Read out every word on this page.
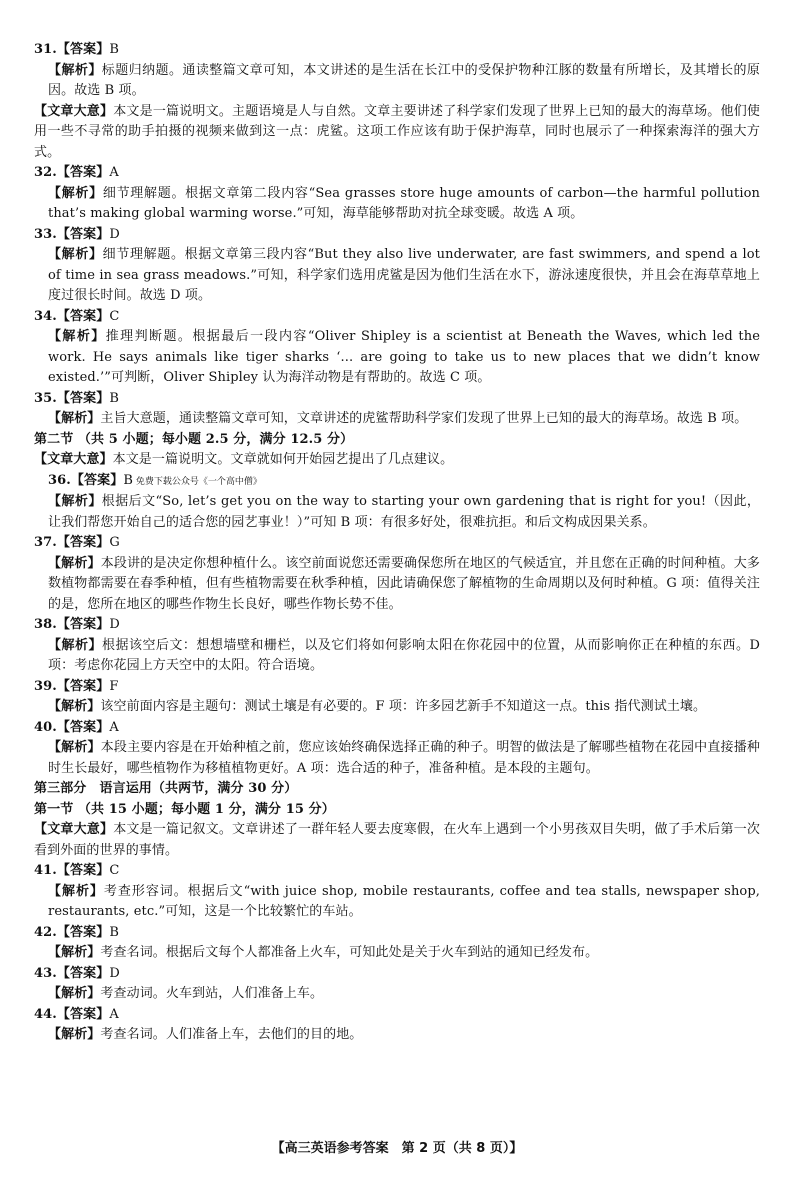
31.【答案】B

【解析】标题归纳题。通读整篇文章可知，本文讲述的是生活在长江中的受保护物种江豚的数量有所增长，及其增长的原因。故选 B 项。

【文章大意】本文是一篇说明文。主题语境是人与自然。文章主要讲述了科学家们发现了世界上已知的最大的海草场。他们使用一些不寻常的助手拍摄的视频来做到这一点：虎鲨。这项工作应该有助于保护海草，同时也展示了一种探索海洋的强大方式。

32.【答案】A

【解析】细节理解题。根据文章第二段内容“Sea grasses store huge amounts of carbon—the harmful pollution that’s making global warming worse.”可知，海草能够帮助对抗全球变暖。故选 A 项。

33.【答案】D

【解析】细节理解题。根据文章第三段内容“But they also live underwater, are fast swimmers, and spend a lot of time in sea grass meadows.”可知，科学家们选用虎鲨是因为他们生活在水下，游泳速度很快，并且会在海草草地上度过很长时间。故选 D 项。

34.【答案】C

【解析】推理判断题。根据最后一段内容“Oliver Shipley is a scientist at Beneath the Waves, which led the work. He says animals like tiger sharks ‘... are going to take us to new places that we didn’t know existed.’”可判断，Oliver Shipley 认为海洋动物是有帮助的。故选 C 项。

35.【答案】B

【解析】主旨大意题，通读整篇文章可知，文章讲述的虎鲨帮助科学家们发现了世界上已知的最大的海草场。故选 B 项。

第二节 （共 5 小题；每小题 2.5 分，满分 12.5 分）

【文章大意】本文是一篇说明文。文章就如何开始园艺提出了几点建议。

36.【答案】B 免费下载公众号《一个高中僧》

【解析】根据后文“So, let’s get you on the way to starting your own gardening that is right for you!（因此，让我们帮您开始自己的适合您的园艺事业！）”可知 B 项：有很多好处，很难抗拒。和后文构成因果关系。

37.【答案】G

【解析】本段讲的是决定你想种植什么。该空前面说您还需要确保您所在地区的气候适宜，并且您在正确的时间种植。大多数植物都需要在春季种植，但有些植物需要在秋季种植，因此请确保您了解植物的生命周期以及何时种植。G 项：值得关注的是，您所在地区的哪些作物生长良好，哪些作物长势不佳。

38.【答案】D

【解析】根据该空后文：想想墙壁和栅栏，以及它们将如何影响太阳在你花园中的位置，从而影响你正在种植的东西。D 项：考虑你花园上方天空中的太阳。符合语境。

39.【答案】F

【解析】该空前面内容是主题句：测试土壤是有必要的。F 项：许多园艺新手不知道这一点。this 指代测试土壤。

40.【答案】A

【解析】本段主要内容是在开始种植之前，您应该始终确保选择正确的种子。明智的做法是了解哪些植物在花园中直接播种时生长最好，哪些植物作为移植植物更好。A 项：选合适的种子，准备种植。是本段的主题句。

第三部分　语言运用（共两节，满分 30 分）

第一节 （共 15 小题；每小题 1 分，满分 15 分）

【文章大意】本文是一篇记叙文。文章讲述了一群年轻人要去度寒假，在火车上遇到一个小男孩双目失明，做了手术后第一次看到外面的世界的事情。

41.【答案】C

【解析】考查形容词。根据后文“with juice shop, mobile restaurants, coffee and tea stalls, newspaper shop, restaurants, etc.”可知，这是一个比较繁忙的车站。

42.【答案】B

【解析】考查名词。根据后文每个人都准备上火车，可知此处是关于火车到站的通知已经发布。

43.【答案】D

【解析】考查动词。火车到站，人们准备上车。

44.【答案】A

【解析】考查名词。人们准备上车，去他们的目的地。

【高三英语参考答案　第 2 页（共 8 页）】
